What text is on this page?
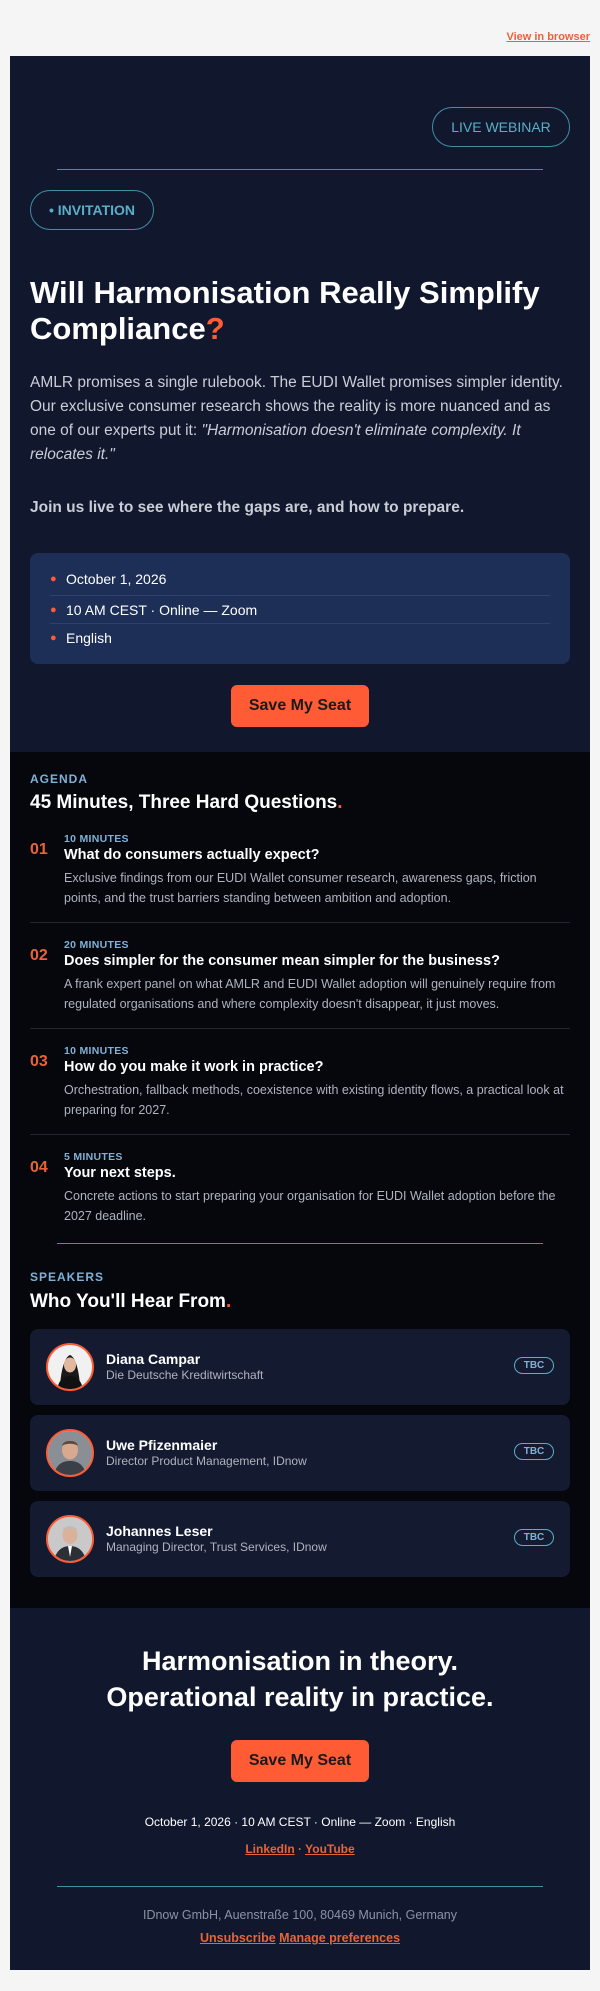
View in browser
LIVE WEBINAR
• INVITATION
Will Harmonisation Really Simplify Compliance?

AMLR promises a single rulebook. The EUDI Wallet promises simpler identity. Our exclusive consumer research shows the reality is more nuanced and as one of our experts put it: "Harmonisation doesn't eliminate complexity. It relocates it."

Join us live to see where the gaps are, and how to prepare.

● October 1, 2026
● 10 AM CEST · Online — Zoom
● English
Save My Seat
AGENDA
45 Minutes, Three Hard Questions.
01
10 MINUTES

What do consumers actually expect?

Exclusive findings from our EUDI Wallet consumer research, awareness gaps, friction points, and the trust barriers standing between ambition and adoption.

02
20 MINUTES

Does simpler for the consumer mean simpler for the business?

A frank expert panel on what AMLR and EUDI Wallet adoption will genuinely require from regulated organisations and where complexity doesn't disappear, it just moves.

03
10 MINUTES

How do you make it work in practice?

Orchestration, fallback methods, coexistence with existing identity flows, a practical look at preparing for 2027.

04
5 MINUTES

Your next steps.

Concrete actions to start preparing your organisation for EUDI Wallet adoption before the 2027 deadline.

SPEAKERS
Who You'll Hear From.
Diana Campar
Die Deutsche Kreditwirtschaft
TBC
Uwe Pfizenmaier
Director Product Management, IDnow
TBC
Johannes Leser
Managing Director, Trust Services, IDnow
TBC
Harmonisation in theory.
Operational reality in practice.
Save My Seat
October 1, 2026 · 10 AM CEST · Online — Zoom · English
LinkedIn · YouTube
IDnow GmbH, Auenstraße 100, 80469 Munich, Germany
Unsubscribe Manage preferences
